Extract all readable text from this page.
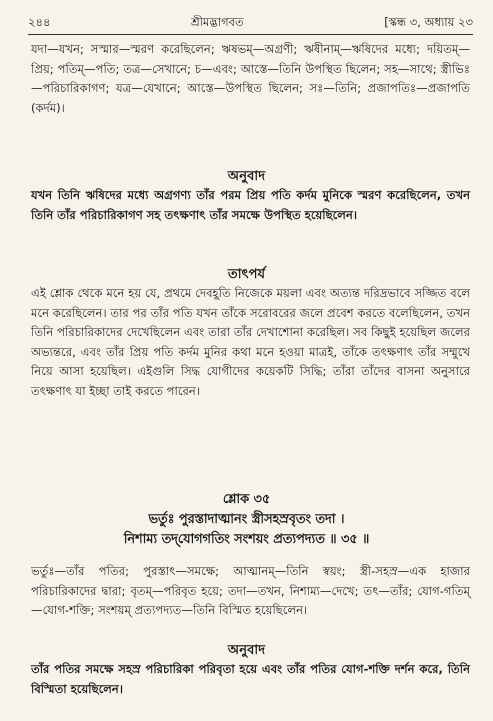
২৪৪	শ্রীমদ্ভাগবত	[স্কন্ধ ৩, অধ্যায় ২৩

যদা—যখন; সস্মার—স্মরণ করেছিলেন; ঋষভম্—অগ্রণী; ঋষীনাম্—ঋষিদের মধ্যে; দয়িতম্—প্রিয়; পতিম্—পতি; তত্র—সেখানে; চ—এবং; আস্তে—তিনি উপস্থিত ছিলেন; সহ—সাথে; স্ত্রীভিঃ—পরিচারিকাগণ; যত্র—যেখানে; আস্তে—উপস্থিত ছিলেন; সঃ—তিনি; প্রজাপতিঃ—প্রজাপতি (কর্দম)।

অনুবাদ

যখন তিনি ঋষিদের মধ্যে অগ্রগণ্য তাঁর পরম প্রিয় পতি কর্দম মুনিকে স্মরণ করেছিলেন, তখন তিনি তাঁর পরিচারিকাগণ সহ তৎক্ষণাৎ তাঁর সমক্ষে উপস্থিত হয়েছিলেন।

তাৎপর্য

এই শ্লোক থেকে মনে হয় যে, প্রথমে দেবহূতি নিজেকে ময়লা এবং অত্যন্ত দরিদ্রভাবে সজ্জিত বলে মনে করেছিলেন। তার পর তাঁর পতি যখন তাঁকে সরোবরের জলে প্রবেশ করতে বলেছিলেন, তখন তিনি পরিচারিকাদের দেখেছিলেন এবং তারা তাঁর দেখাশোনা করেছিল। সব কিছুই হয়েছিল জলের অভ্যন্তরে, এবং তাঁর প্রিয় পতি কর্দম মুনির কথা মনে হওয়া মাত্রই, তাঁকে তৎক্ষণাৎ তাঁর সম্মুখে নিয়ে আসা হয়েছিল। এইগুলি সিদ্ধ যোগীদের কয়েকটি সিদ্ধি; তাঁরা তাঁদের বাসনা অনুসারে তৎক্ষণাৎ যা ইচ্ছা তাই করতে পারেন।

শ্লোক ৩৫
ভর্তুঃ পুরস্তাদাত্মানং স্ত্রীসহস্রবৃতং তদা ।
নিশাম্য তদ্‌যোগগতিং সংশয়ং প্রত্যপদ্যত ॥ ৩৫ ॥

ভর্তুঃ—তাঁর পতির; পুরস্তাৎ—সমক্ষে; আত্মানম্—তিনি স্বয়ং; স্ত্রী-সহস্র—এক হাজার পরিচারিকাদের দ্বারা; বৃতম্—পরিবৃত হয়ে; তদা—তখন, নিশাম্য—দেখে; তৎ—তাঁর; যোগ-গতিম্—যোগ-শক্তি; সংশয়ম্ প্রত্যপদ্যত—তিনি বিস্মিত হয়েছিলেন।

অনুবাদ

তাঁর পতির সমক্ষে সহস্র পরিচারিকা পরিবৃতা হয়ে এবং তাঁর পতির যোগ-শক্তি দর্শন করে, তিনি বিস্মিতা হয়েছিলেন।
